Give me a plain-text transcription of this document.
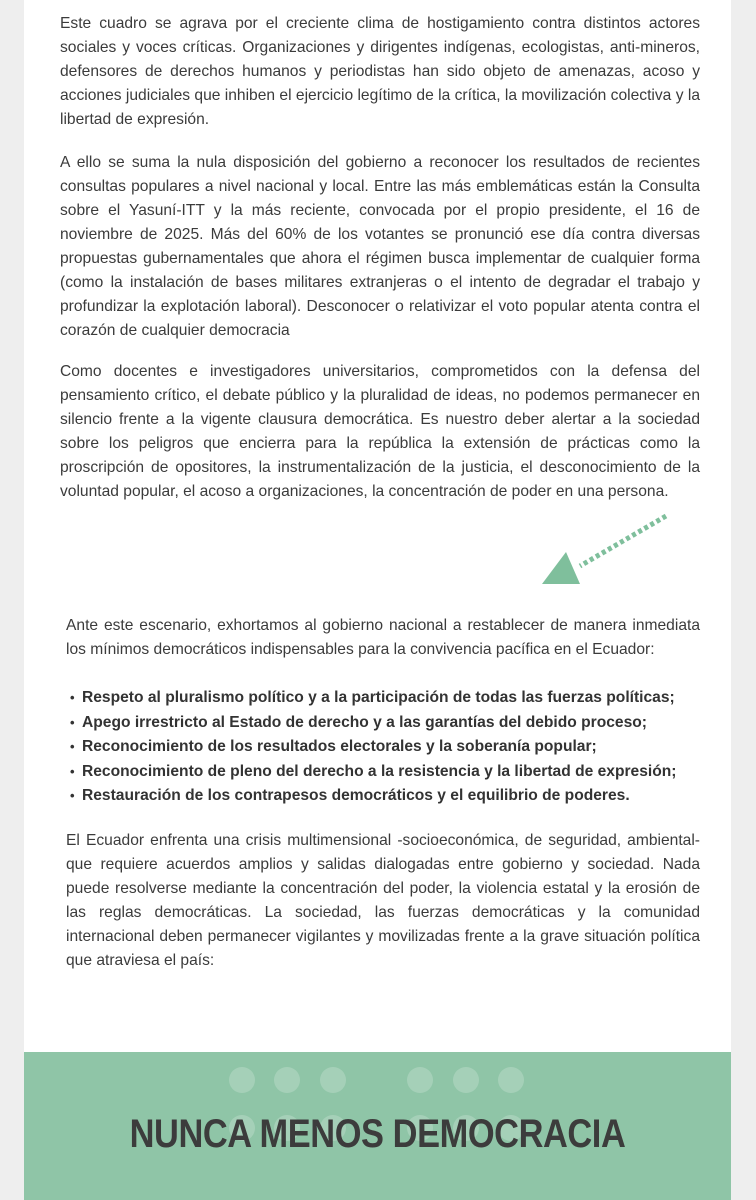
Este cuadro se agrava por el creciente clima de hostigamiento contra distintos actores sociales y voces críticas. Organizaciones y dirigentes indígenas, ecologistas, anti-mineros, defensores de derechos humanos y periodistas han sido objeto de amenazas, acoso y acciones judiciales que inhiben el ejercicio legítimo de la crítica, la movilización colectiva y la libertad de expresión.

A ello se suma la nula disposición del gobierno a reconocer los resultados de recientes consultas populares a nivel nacional y local. Entre las más emblemáticas están la Consulta sobre el Yasuní-ITT y la más reciente, convocada por el propio presidente, el 16 de noviembre de 2025. Más del 60% de los votantes se pronunció ese día contra diversas propuestas gubernamentales que ahora el régimen busca implementar de cualquier forma (como la instalación de bases militares extranjeras o el intento de degradar el trabajo y profundizar la explotación laboral). Desconocer o relativizar el voto popular atenta contra el corazón de cualquier democracia

Como docentes e investigadores universitarios, comprometidos con la defensa del pensamiento crítico, el debate público y la pluralidad de ideas, no podemos permanecer en silencio frente a la vigente clausura democrática. Es nuestro deber alertar a la sociedad sobre los peligros que encierra para la república la extensión de prácticas como la proscripción de opositores, la instrumentalización de la justicia, el desconocimiento de la voluntad popular, el acoso a organizaciones, la concentración de poder en una persona.

Ante este escenario, exhortamos al gobierno nacional a restablecer de manera inmediata los mínimos democráticos indispensables para la convivencia pacífica en el Ecuador:

• Respeto al pluralismo político y a la participación de todas las fuerzas políticas;
• Apego irrestricto al Estado de derecho y a las garantías del debido proceso;
• Reconocimiento de los resultados electorales y la soberanía popular;
• Reconocimiento de pleno del derecho a la resistencia y la libertad de expresión;
• Restauración de los contrapesos democráticos y el equilibrio de poderes.

El Ecuador enfrenta una crisis multimensional -socioeconómica, de seguridad, ambiental- que requiere acuerdos amplios y salidas dialogadas entre gobierno y sociedad. Nada puede resolverse mediante la concentración del poder, la violencia estatal y la erosión de las reglas democráticas. La sociedad, las fuerzas democráticas y la comunidad internacional deben permanecer vigilantes y movilizadas frente a la grave situación política que atraviesa el país:

NUNCA MENOS DEMOCRACIA
